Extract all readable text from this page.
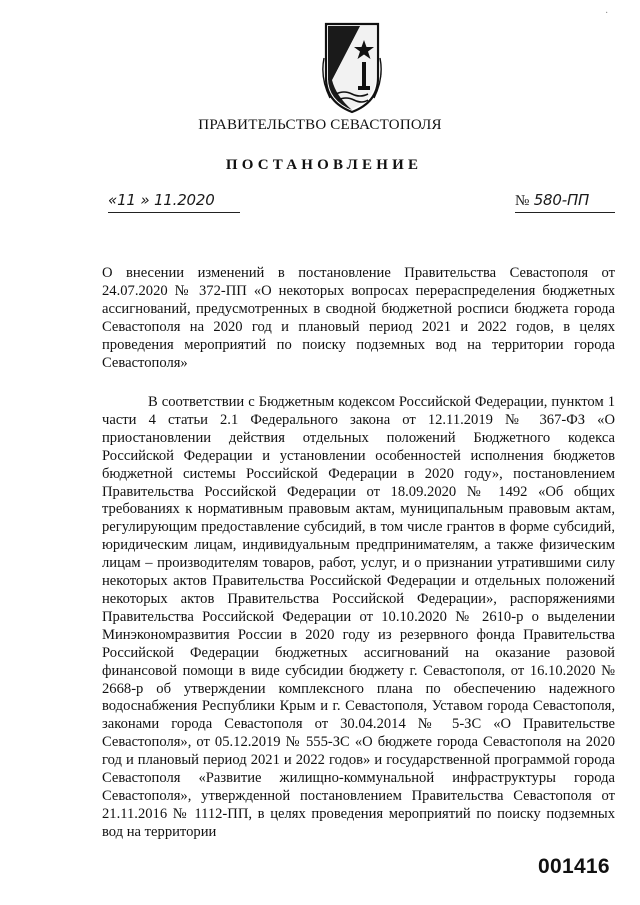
·
ПРАВИТЕЛЬСТВО СЕВАСТОПОЛЯ
ПОСТАНОВЛЕНИЕ
«11 » 11.2020	№ 580-ПП
О внесении изменений в постановление Правительства Севастополя от 24.07.2020 № 372-ПП «О некоторых вопросах перераспределения бюджетных ассигнований, предусмотренных в сводной бюджетной росписи бюджета города Севастополя на 2020 год и плановый период 2021 и 2022 годов, в целях проведения мероприятий по поиску подземных вод на территории города Севастополя»
В соответствии с Бюджетным кодексом Российской Федерации, пунктом 1 части 4 статьи 2.1 Федерального закона от 12.11.2019 № 367-ФЗ «О приостановлении действия отдельных положений Бюджетного кодекса Российской Федерации и установлении особенностей исполнения бюджетов бюджетной системы Российской Федерации в 2020 году», постановлением Правительства Российской Федерации от 18.09.2020 № 1492 «Об общих требованиях к нормативным правовым актам, муниципальным правовым актам, регулирующим предоставление субсидий, в том числе грантов в форме субсидий, юридическим лицам, индивидуальным предпринимателям, а также физическим лицам – производителям товаров, работ, услуг, и о признании утратившими силу некоторых актов Правительства Российской Федерации и отдельных положений некоторых актов Правительства Российской Федерации», распоряжениями Правительства Российской Федерации от 10.10.2020 № 2610-р о выделении Минэкономразвития России в 2020 году из резервного фонда Правительства Российской Федерации бюджетных ассигнований на оказание разовой финансовой помощи в виде субсидии бюджету г. Севастополя, от 16.10.2020 № 2668-р об утверждении комплексного плана по обеспечению надежного водоснабжения Республики Крым и г. Севастополя, Уставом города Севастополя, законами города Севастополя от 30.04.2014 № 5-ЗС «О Правительстве Севастополя», от 05.12.2019 № 555-ЗС «О бюджете города Севастополя на 2020 год и плановый период 2021 и 2022 годов» и государственной программой города Севастополя «Развитие жилищно-коммунальной инфраструктуры города Севастополя», утвержденной постановлением Правительства Севастополя от 21.11.2016 № 1112-ПП, в целях проведения мероприятий по поиску подземных вод на территории
001416
